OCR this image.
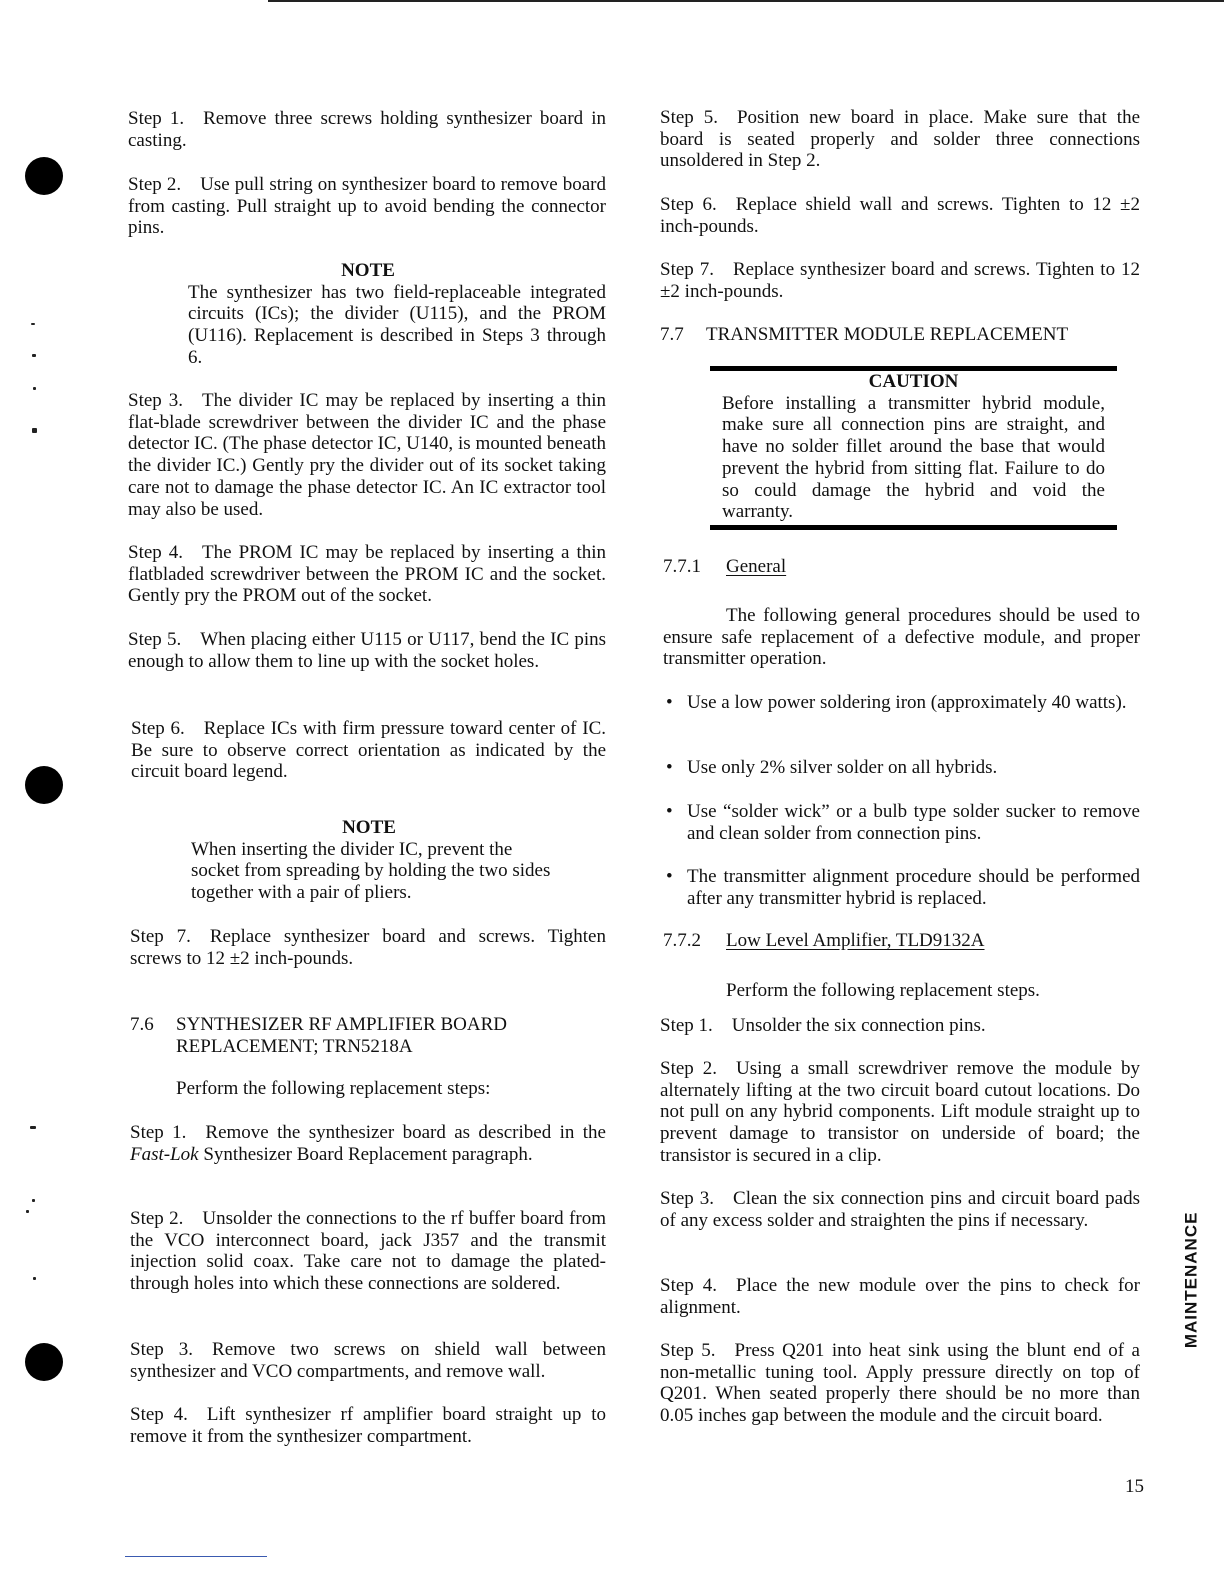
Step 1. Remove three screws holding synthesizer board in casting.

Step 2. Use pull string on synthesizer board to remove board from casting. Pull straight up to avoid bending the connector pins.

NOTE
The synthesizer has two field-replaceable integrated circuits (ICs); the divider (U115), and the PROM (U116). Replacement is described in Steps 3 through 6.

Step 3. The divider IC may be replaced by inserting a thin flat-blade screwdriver between the divider IC and the phase detector IC. (The phase detector IC, U140, is mounted beneath the divider IC.) Gently pry the divider out of its socket taking care not to damage the phase detector IC. An IC extractor tool may also be used.

Step 4. The PROM IC may be replaced by inserting a thin flatbladed screwdriver between the PROM IC and the socket. Gently pry the PROM out of the socket.

Step 5. When placing either U115 or U117, bend the IC pins enough to allow them to line up with the socket holes.

Step 6. Replace ICs with firm pressure toward center of IC. Be sure to observe correct orientation as indicated by the circuit board legend.

NOTE
When inserting the divider IC, prevent the socket from spreading by holding the two sides together with a pair of pliers.

Step 7. Replace synthesizer board and screws. Tighten screws to 12 ±2 inch-pounds.

7.6 SYNTHESIZER RF AMPLIFIER BOARD REPLACEMENT; TRN5218A

Perform the following replacement steps:

Step 1. Remove the synthesizer board as described in the Fast-Lok Synthesizer Board Replacement paragraph.

Step 2. Unsolder the connections to the rf buffer board from the VCO interconnect board, jack J357 and the transmit injection solid coax. Take care not to damage the plated-through holes into which these connections are soldered.

Step 3. Remove two screws on shield wall between synthesizer and VCO compartments, and remove wall.

Step 4. Lift synthesizer rf amplifier board straight up to remove it from the synthesizer compartment.

Step 5. Position new board in place. Make sure that the board is seated properly and solder three connections unsoldered in Step 2.

Step 6. Replace shield wall and screws. Tighten to 12 ±2 inch-pounds.

Step 7. Replace synthesizer board and screws. Tighten to 12 ±2 inch-pounds.

7.7 TRANSMITTER MODULE REPLACEMENT
CAUTION

Before installing a transmitter hybrid module, make sure all connection pins are straight, and have no solder fillet around the base that would prevent the hybrid from sitting flat. Failure to do so could damage the hybrid and void the warranty.

7.7.1 General

The following general procedures should be used to ensure safe replacement of a defective module, and proper transmitter operation.

• Use a low power soldering iron (approximately 40 watts).
• Use only 2% silver solder on all hybrids.
• Use “solder wick” or a bulb type solder sucker to remove and clean solder from connection pins.
• The transmitter alignment procedure should be performed after any transmitter hybrid is replaced.
7.7.2 Low Level Amplifier, TLD9132A

Perform the following replacement steps.

Step 1. Unsolder the six connection pins.

Step 2. Using a small screwdriver remove the module by alternately lifting at the two circuit board cutout locations. Do not pull on any hybrid components. Lift module straight up to prevent damage to transistor on underside of board; the transistor is secured in a clip.

Step 3. Clean the six connection pins and circuit board pads of any excess solder and straighten the pins if necessary.

Step 4. Place the new module over the pins to check for alignment.

Step 5. Press Q201 into heat sink using the blunt end of a non-metallic tuning tool. Apply pressure directly on top of Q201. When seated properly there should be no more than 0.05 inches gap between the module and the circuit board.

MAINTENANCE
15
